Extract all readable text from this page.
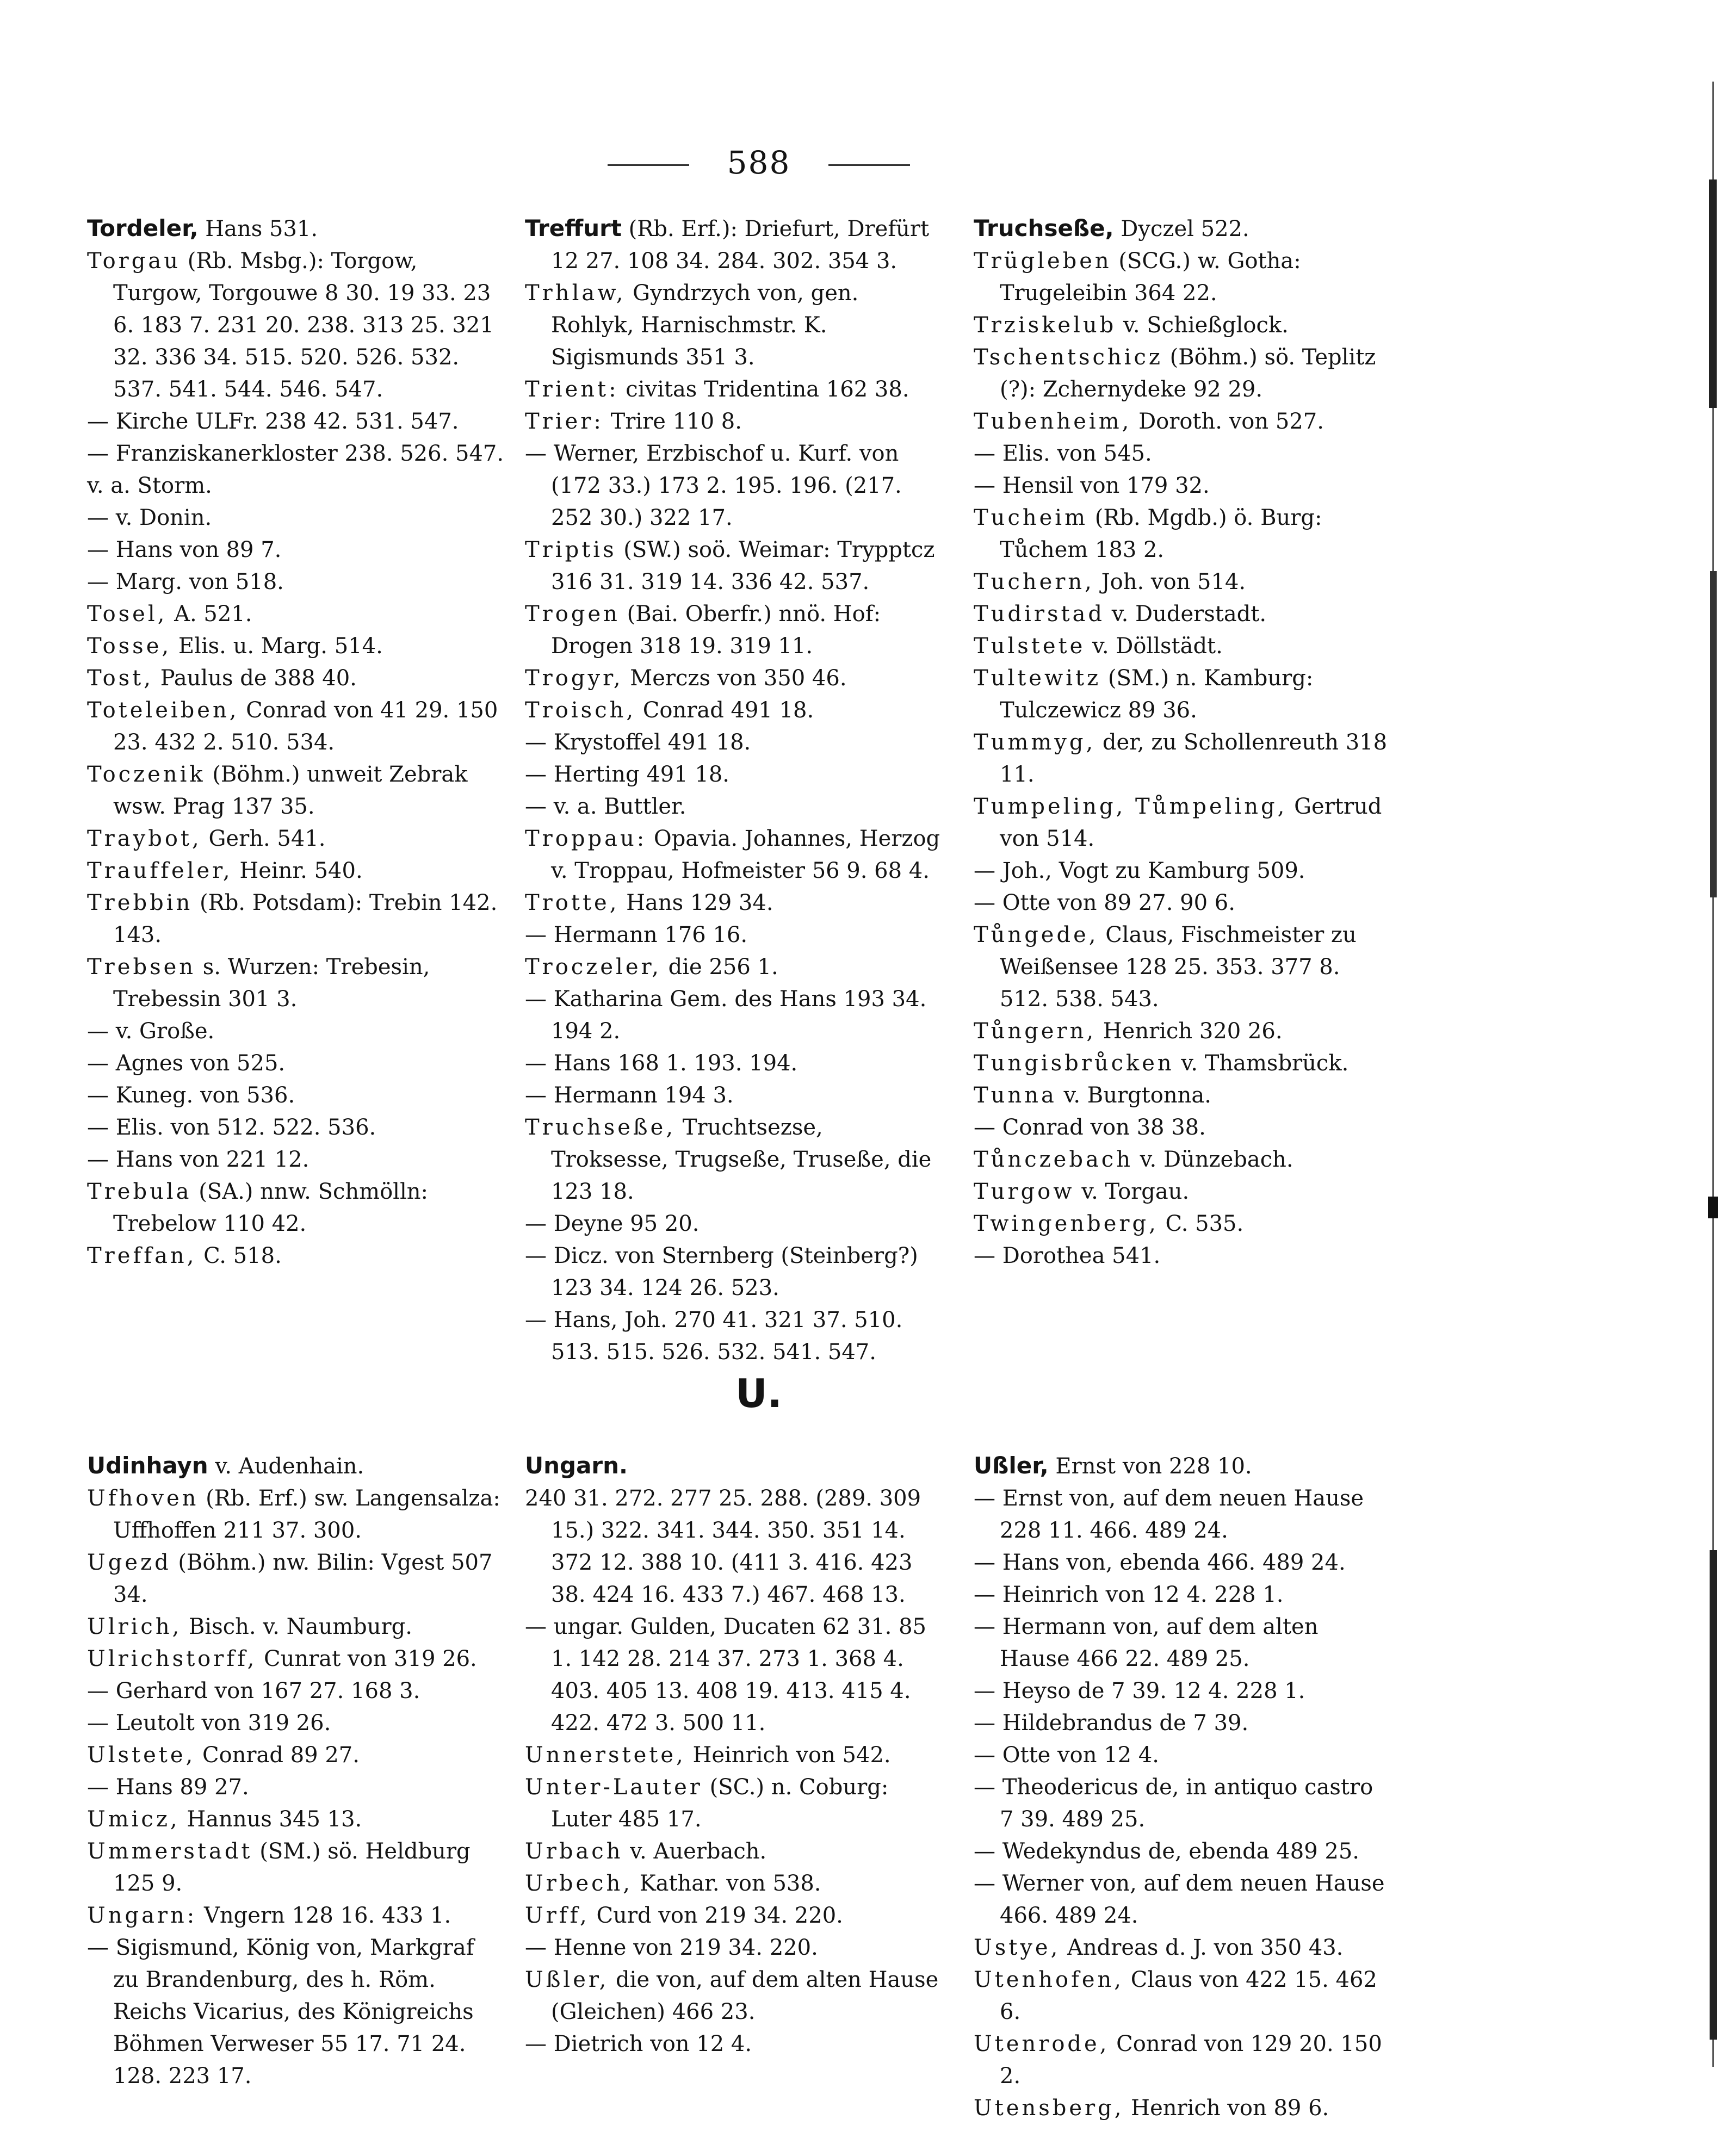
588
Tordeler, Hans 531.
Torgau (Rb. Msbg.): Torgow, Turgow, Torgouwe 8 30. 19 33. 23 6. 183 7. 231 20. 238. 313 25. 321 32. 336 34. 515. 520. 526. 532. 537. 541. 544. 546. 547.
— Kirche ULFr. 238 42. 531. 547.
— Franziskanerkloster 238. 526. 547.
v. a. Storm.
— v. Donin.
— Hans von 89 7.
— Marg. von 518.
Tosel, A. 521.
Tosse, Elis. u. Marg. 514.
Tost, Paulus de 388 40.
Toteleiben, Conrad von 41 29. 150 23. 432 2. 510. 534.
Toczenik (Böhm.) unweit Zebrak wsw. Prag 137 35.
Traybot, Gerh. 541.
Trauffeler, Heinr. 540.
Trebbin (Rb. Potsdam): Trebin 142. 143.
Trebsen s. Wurzen: Trebesin, Trebessin 301 3.
— v. Große.
— Agnes von 525.
— Kuneg. von 536.
— Elis. von 512. 522. 536.
— Hans von 221 12.
Trebula (SA.) nnw. Schmölln: Trebelow 110 42.
Treffan, C. 518.
Treffurt (Rb. Erf.): Driefurt, Drefürt 12 27. 108 34. 284. 302. 354 3.
Trhlaw, Gyndrzych von, gen. Rohlyk, Harnischmstr. K. Sigismunds 351 3.
Trient: civitas Tridentina 162 38.
Trier: Trire 110 8.
— Werner, Erzbischof u. Kurf. von (172 33.) 173 2. 195. 196. (217. 252 30.) 322 17.
Triptis (SW.) soö. Weimar: Trypptcz 316 31. 319 14. 336 42. 537.
Trogen (Bai. Oberfr.) nnö. Hof: Drogen 318 19. 319 11.
Trogyr, Merczs von 350 46.
Troisch, Conrad 491 18.
— Krystoffel 491 18.
— Herting 491 18.
— v. a. Buttler.
Troppau: Opavia. Johannes, Herzog v. Troppau, Hofmeister 56 9. 68 4.
Trotte, Hans 129 34.
— Hermann 176 16.
Troczeler, die 256 1.
— Katharina Gem. des Hans 193 34. 194 2.
— Hans 168 1. 193. 194.
— Hermann 194 3.
Truchseße, Truchtsezse, Troksesse, Trugseße, Truseße, die 123 18.
— Deyne 95 20.
— Dicz. von Sternberg (Steinberg?) 123 34. 124 26. 523.
— Hans, Joh. 270 41. 321 37. 510. 513. 515. 526. 532. 541. 547.
Truchseße, Dyczel 522.
Trügleben (SCG.) w. Gotha: Trugeleibin 364 22.
Trziskelub v. Schießglock.
Tschentschicz (Böhm.) sö. Teplitz (?): Zchernydeke 92 29.
Tubenheim, Doroth. von 527.
— Elis. von 545.
— Hensil von 179 32.
Tucheim (Rb. Mgdb.) ö. Burg: Tůchem 183 2.
Tuchern, Joh. von 514.
Tudirstad v. Duderstadt.
Tulstete v. Döllstädt.
Tultewitz (SM.) n. Kamburg: Tulczewicz 89 36.
Tummyg, der, zu Schollenreuth 318 11.
Tumpeling, Tůmpeling, Gertrud von 514.
— Joh., Vogt zu Kamburg 509.
— Otte von 89 27. 90 6.
Tůngede, Claus, Fischmeister zu Weißensee 128 25. 353. 377 8. 512. 538. 543.
Tůngern, Henrich 320 26.
Tungisbrůcken v. Thamsbrück.
Tunna v. Burgtonna.
— Conrad von 38 38.
Tůnczebach v. Dünzebach.
Turgow v. Torgau.
Twingenberg, C. 535.
— Dorothea 541.
U.
Udinhayn v. Audenhain.
Ufhoven (Rb. Erf.) sw. Langensalza: Uffhoffen 211 37. 300.
Ugezd (Böhm.) nw. Bilin: Vgest 507 34.
Ulrich, Bisch. v. Naumburg.
Ulrichstorff, Cunrat von 319 26.
— Gerhard von 167 27. 168 3.
— Leutolt von 319 26.
Ulstete, Conrad 89 27.
— Hans 89 27.
Umicz, Hannus 345 13.
Ummerstadt (SM.) sö. Heldburg 125 9.
Ungarn: Vngern 128 16. 433 1.
— Sigismund, König von, Markgraf zu Brandenburg, des h. Röm. Reichs Vicarius, des Königreichs Böhmen Verweser 55 17. 71 24. 128. 223 17.
Ungarn.
240 31. 272. 277 25. 288. (289. 309 15.) 322. 341. 344. 350. 351 14. 372 12. 388 10. (411 3. 416. 423 38. 424 16. 433 7.) 467. 468 13.
— ungar. Gulden, Ducaten 62 31. 85 1. 142 28. 214 37. 273 1. 368 4. 403. 405 13. 408 19. 413. 415 4. 422. 472 3. 500 11.
Unnerstete, Heinrich von 542.
Unter-Lauter (SC.) n. Coburg: Luter 485 17.
Urbach v. Auerbach.
Urbech, Kathar. von 538.
Urff, Curd von 219 34. 220.
— Henne von 219 34. 220.
Ußler, die von, auf dem alten Hause (Gleichen) 466 23.
— Dietrich von 12 4.
Ußler, Ernst von 228 10.
— Ernst von, auf dem neuen Hause 228 11. 466. 489 24.
— Hans von, ebenda 466. 489 24.
— Heinrich von 12 4. 228 1.
— Hermann von, auf dem alten Hause 466 22. 489 25.
— Heyso de 7 39. 12 4. 228 1.
— Hildebrandus de 7 39.
— Otte von 12 4.
— Theodericus de, in antiquo castro 7 39. 489 25.
— Wedekyndus de, ebenda 489 25.
— Werner von, auf dem neuen Hause 466. 489 24.
Ustye, Andreas d. J. von 350 43.
Utenhofen, Claus von 422 15. 462 6.
Utenrode, Conrad von 129 20. 150 2.
Utensberg, Henrich von 89 6.
